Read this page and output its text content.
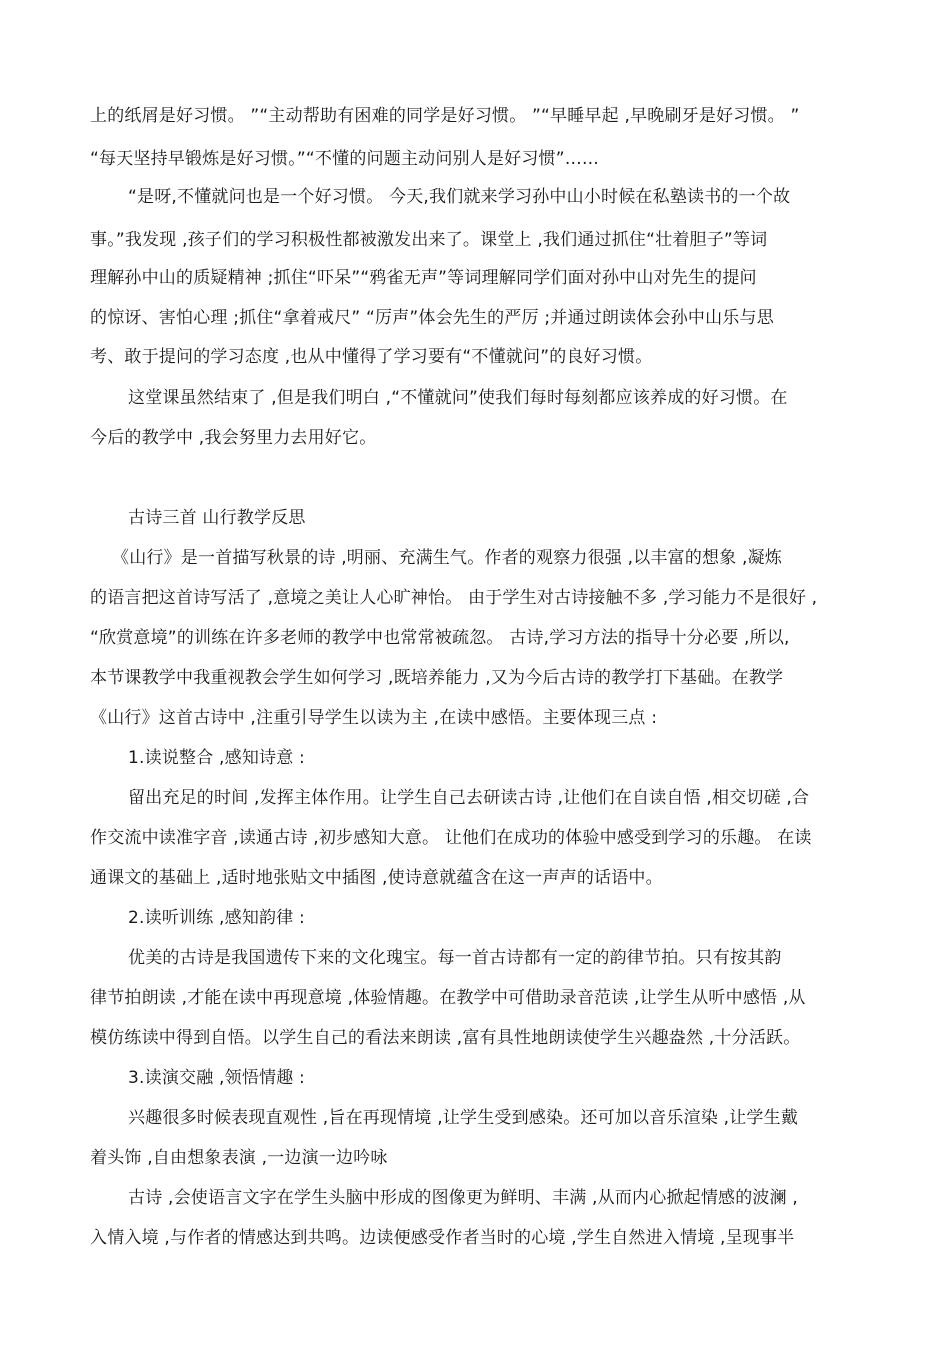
上的纸屑是好习惯。 ”“主动帮助有困难的同学是好习惯。 ”“早睡早起 ,早晚刷牙是好习惯。 ”
“每天坚持早锻炼是好习惯。”“不懂的问题主动问别人是好习惯”……
“是呀,不懂就问也是一个好习惯。 今天,我们就来学习孙中山小时候在私塾读书的一个故
事。”我发现 ,孩子们的学习积极性都被激发出来了。课堂上 ,我们通过抓住“壮着胆子”等词
理解孙中山的质疑精神 ;抓住“吓呆”“鸦雀无声”等词理解同学们面对孙中山对先生的提问
的惊讶、害怕心理 ;抓住“拿着戒尺” “厉声”体会先生的严厉 ;并通过朗读体会孙中山乐与思
考、敢于提问的学习态度 ,也从中懂得了学习要有“不懂就问”的良好习惯。
这堂课虽然结束了 ,但是我们明白 ,“不懂就问”使我们每时每刻都应该养成的好习惯。在
今后的教学中 ,我会努里力去用好它。
古诗三首 山行教学反思
《山行》是一首描写秋景的诗 ,明丽、充满生气。作者的观察力很强 ,以丰富的想象 ,凝炼
的语言把这首诗写活了 ,意境之美让人心旷神怡。 由于学生对古诗接触不多 ,学习能力不是很好 ,
“欣赏意境”的训练在许多老师的教学中也常常被疏忽。 古诗,学习方法的指导十分必要 ,所以,
本节课教学中我重视教会学生如何学习 ,既培养能力 ,又为今后古诗的教学打下基础。在教学
《山行》这首古诗中 ,注重引导学生以读为主 ,在读中感悟。主要体现三点 :
1.读说整合 ,感知诗意 :
留出充足的时间 ,发挥主体作用。让学生自己去研读古诗 ,让他们在自读自悟 ,相交切磋 ,合
作交流中读准字音 ,读通古诗 ,初步感知大意。 让他们在成功的体验中感受到学习的乐趣。 在读
通课文的基础上 ,适时地张贴文中插图 ,使诗意就蕴含在这一声声的话语中。
2.读听训练 ,感知韵律 :
优美的古诗是我国遗传下来的文化瑰宝。每一首古诗都有一定的韵律节拍。只有按其韵
律节拍朗读 ,才能在读中再现意境 ,体验情趣。在教学中可借助录音范读 ,让学生从听中感悟 ,从
模仿练读中得到自悟。以学生自己的看法来朗读 ,富有具性地朗读使学生兴趣盎然 ,十分活跃。
3.读演交融 ,领悟情趣 :
兴趣很多时候表现直观性 ,旨在再现情境 ,让学生受到感染。还可加以音乐渲染 ,让学生戴
着头饰 ,自由想象表演 ,一边演一边吟咏
古诗 ,会使语言文字在学生头脑中形成的图像更为鲜明、丰满 ,从而内心掀起情感的波澜 ,
入情入境 ,与作者的情感达到共鸣。边读便感受作者当时的心境 ,学生自然进入情境 ,呈现事半
